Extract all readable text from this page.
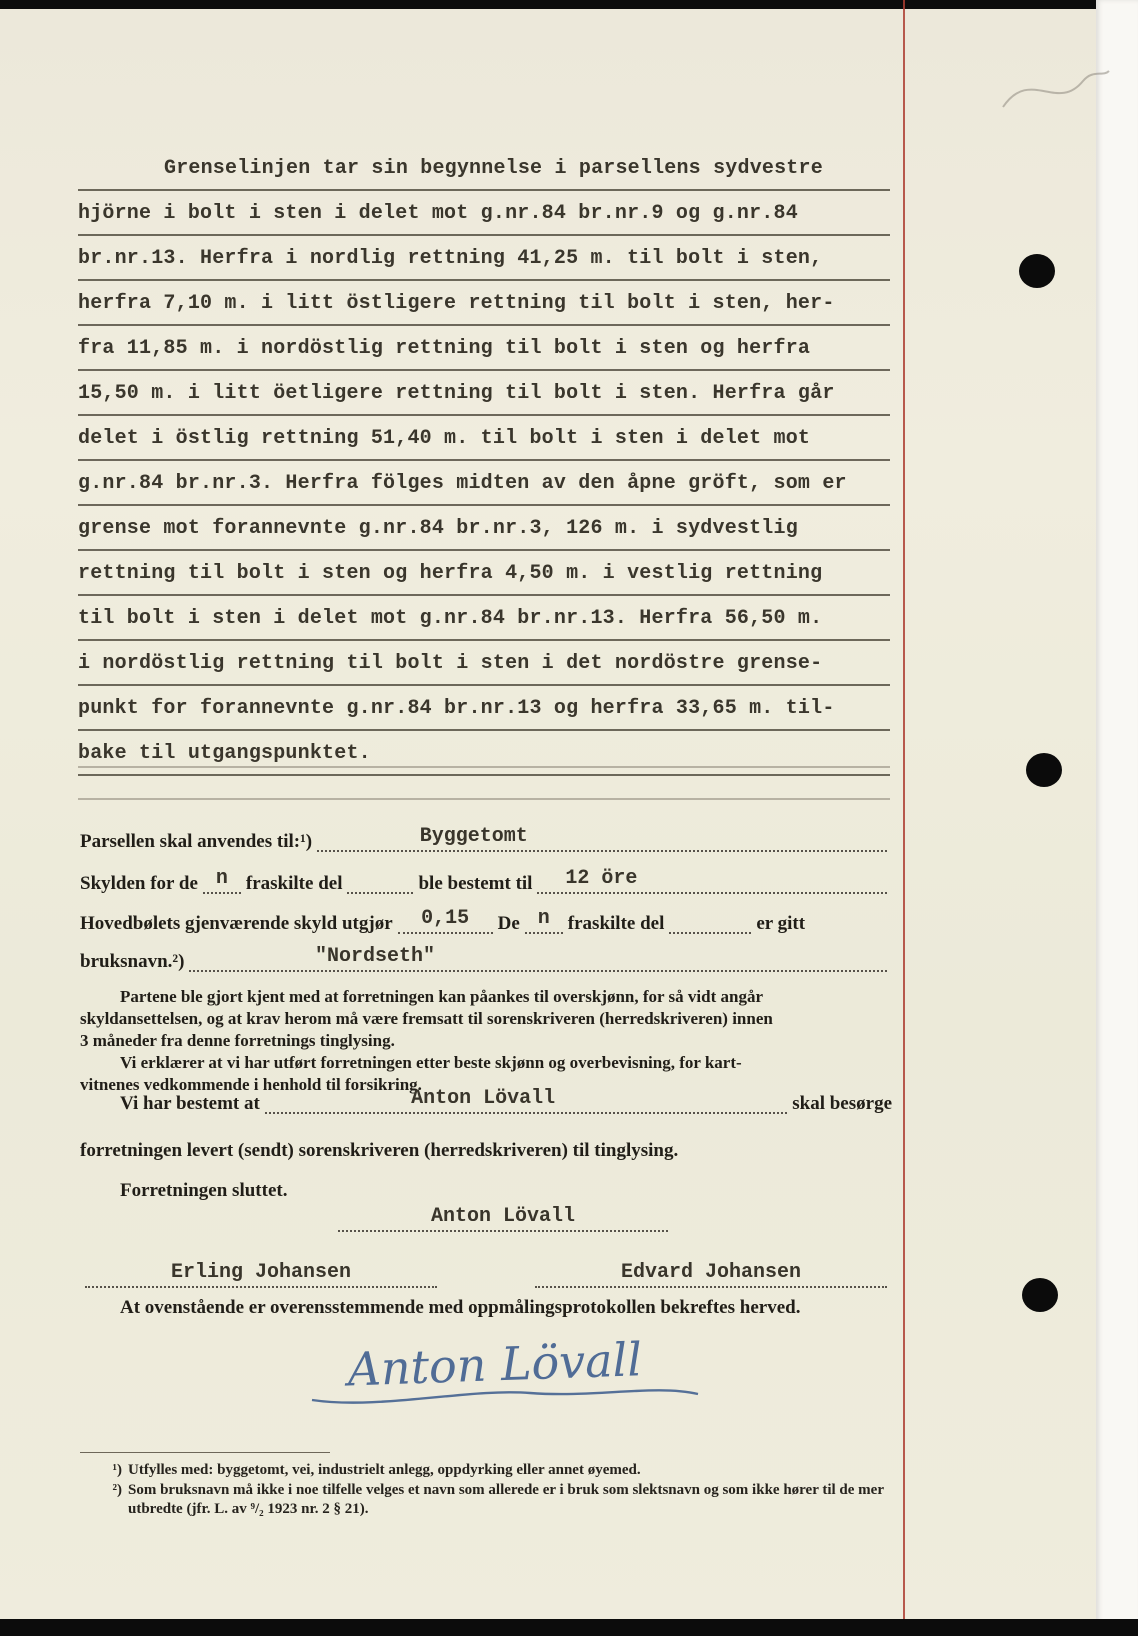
Grenselinjen tar sin begynnelse i parsellens sydvestre
hjörne i bolt i sten i delet mot g.nr.84 br.nr.9 og g.nr.84
br.nr.13. Herfra i nordlig rettning 41,25 m. til bolt i sten,
herfra 7,10 m. i litt östligere rettning til bolt i sten, her-
fra 11,85 m. i nordöstlig rettning til bolt i sten og herfra
15,50 m. i litt öetligere rettning til bolt i sten. Herfra går
delet i östlig rettning 51,40 m. til bolt i sten i delet mot
g.nr.84 br.nr.3. Herfra fölges midten av den åpne gröft, som er
grense mot forannevnte g.nr.84 br.nr.3, 126 m. i sydvestlig
rettning til bolt i sten og herfra 4,50 m. i vestlig rettning
til bolt i sten i delet mot g.nr.84 br.nr.13. Herfra 56,50 m.
i nordöstlig rettning til bolt i sten i det nordöstre grense-
punkt for forannevnte g.nr.84 br.nr.13 og herfra 33,65 m. til-
bake til utgangspunktet.
Parsellen skal anvendes til:¹)	Byggetomt
Skylden for de n fraskilte del	ble bestemt til 12 öre
Hovedbølets gjenværende skyld utgjør 0,15 De n fraskilte del	er gitt
bruksnavn.²)	"Nordseth"
Partene ble gjort kjent med at forretningen kan påankes til overskjønn, for så vidt angår
skyldansettelsen, og at krav herom må være fremsatt til sorenskriveren (herredskriveren) innen
3 måneder fra denne forretnings tinglysing.
Vi erklærer at vi har utført forretningen etter beste skjønn og overbevisning, for kart-
vitnenes vedkommende i henhold til forsikring.
Vi har bestemt at	Anton Lövall	skal besørge
forretningen levert (sendt) sorenskriveren (herredskriveren) til tinglysing.
Forretningen sluttet.
Anton Lövall
Erling Johansen	Edvard Johansen
At ovenstående er overensstemmende med oppmålingsprotokollen bekreftes herved.
Anton Lövall
¹) Utfylles med: byggetomt, vei, industrielt anlegg, oppdyrking eller annet øyemed.
²) Som bruksnavn må ikke i noe tilfelle velges et navn som allerede er i bruk som slektsnavn og som ikke hører til de mer utbredte (jfr. L. av ⁹/₂ 1923 nr. 2 § 21).
